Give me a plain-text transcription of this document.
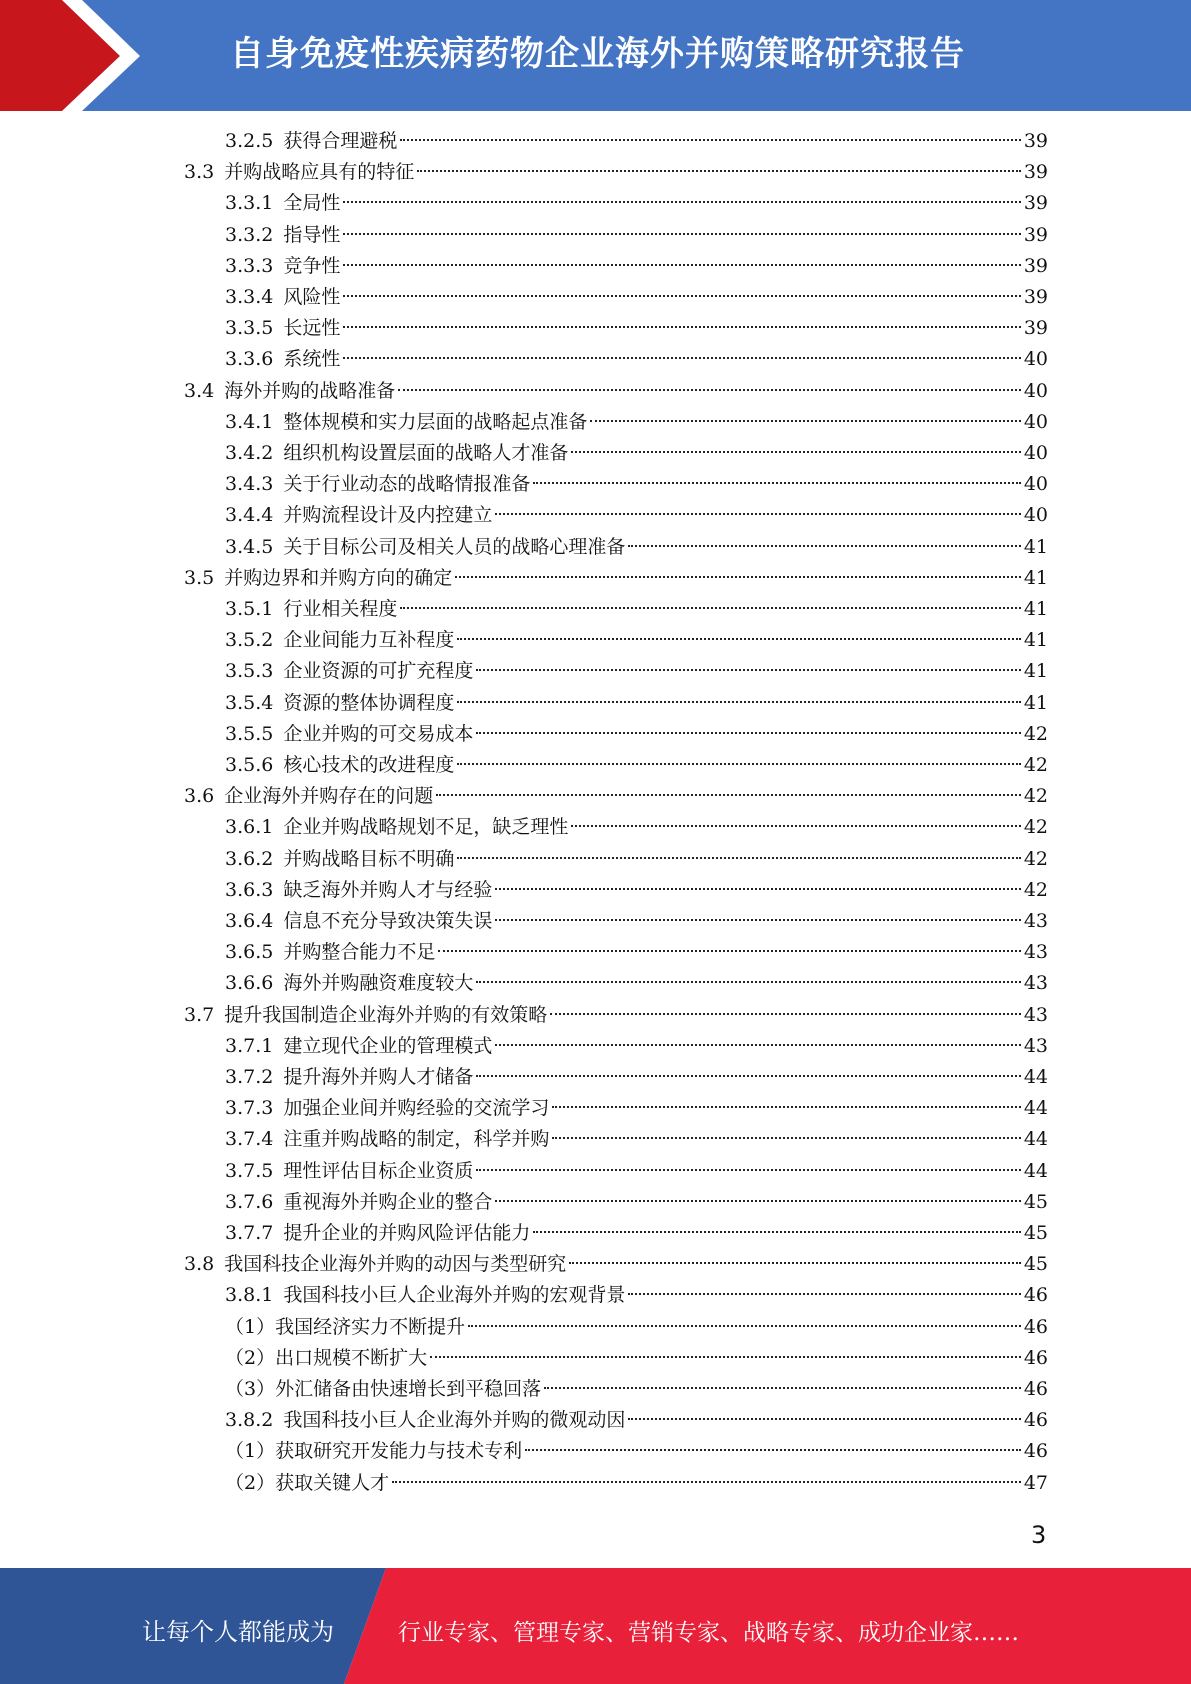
自身免疫性疾病药物企业海外并购策略研究报告
3.2.5 获得合理避税	39
3.3 并购战略应具有的特征	39
3.3.1 全局性	39
3.3.2 指导性	39
3.3.3 竞争性	39
3.3.4 风险性	39
3.3.5 长远性	39
3.3.6 系统性	40
3.4 海外并购的战略准备	40
3.4.1 整体规模和实力层面的战略起点准备	40
3.4.2 组织机构设置层面的战略人才准备	40
3.4.3 关于行业动态的战略情报准备	40
3.4.4 并购流程设计及内控建立	40
3.4.5 关于目标公司及相关人员的战略心理准备	41
3.5 并购边界和并购方向的确定	41
3.5.1 行业相关程度	41
3.5.2 企业间能力互补程度	41
3.5.3 企业资源的可扩充程度	41
3.5.4 资源的整体协调程度	41
3.5.5 企业并购的可交易成本	42
3.5.6 核心技术的改进程度	42
3.6 企业海外并购存在的问题	42
3.6.1 企业并购战略规划不足，缺乏理性	42
3.6.2 并购战略目标不明确	42
3.6.3 缺乏海外并购人才与经验	42
3.6.4 信息不充分导致决策失误	43
3.6.5 并购整合能力不足	43
3.6.6 海外并购融资难度较大	43
3.7 提升我国制造企业海外并购的有效策略	43
3.7.1 建立现代企业的管理模式	43
3.7.2 提升海外并购人才储备	44
3.7.3 加强企业间并购经验的交流学习	44
3.7.4 注重并购战略的制定，科学并购	44
3.7.5 理性评估目标企业资质	44
3.7.6 重视海外并购企业的整合	45
3.7.7 提升企业的并购风险评估能力	45
3.8 我国科技企业海外并购的动因与类型研究	45
3.8.1 我国科技小巨人企业海外并购的宏观背景	46
（1）我国经济实力不断提升	46
（2）出口规模不断扩大	46
（3）外汇储备由快速增长到平稳回落	46
3.8.2 我国科技小巨人企业海外并购的微观动因	46
（1）获取研究开发能力与技术专利	46
（2）获取关键人才	47
3
让每个人都能成为	行业专家、管理专家、营销专家、战略专家、成功企业家……
